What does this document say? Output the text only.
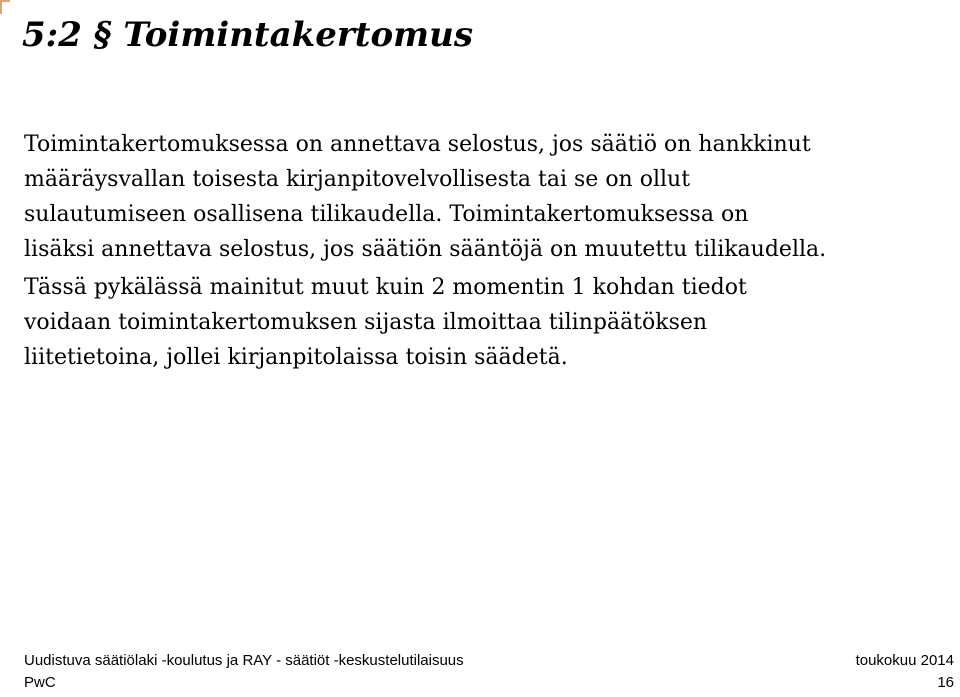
5:2 § Toimintakertomus

Toimintakertomuksessa on annettava selostus, jos säätiö on hankkinut
määräysvallan toisesta kirjanpitovelvollisesta tai se on ollut
sulautumiseen osallisena tilikaudella. Toimintakertomuksessa on
lisäksi annettava selostus, jos säätiön sääntöjä on muutettu tilikaudella.

Tässä pykälässä mainitut muut kuin 2 momentin 1 kohdan tiedot
voidaan toimintakertomuksen sijasta ilmoittaa tilinpäätöksen
liitetietoina, jollei kirjanpitolaissa toisin säädetä.

Uudistuva säätiölaki -koulutus ja RAY - säätiöt -keskustelutilaisuus	toukokuu 2014
PwC	16
